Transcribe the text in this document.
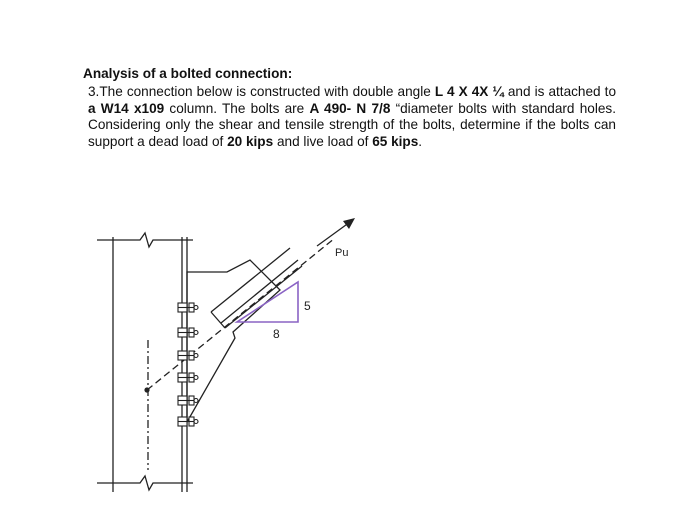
Analysis of a bolted connection:
3.The connection below is constructed with double angle L 4 X 4X ¼ and is attached to a W14 x109 column. The bolts are A 490- N 7/8 “diameter bolts with standard holes. Considering only the shear and tensile strength of the bolts, determine if the bolts can support a dead load of 20 kips and live load of 65 kips.
Pu
5
8
